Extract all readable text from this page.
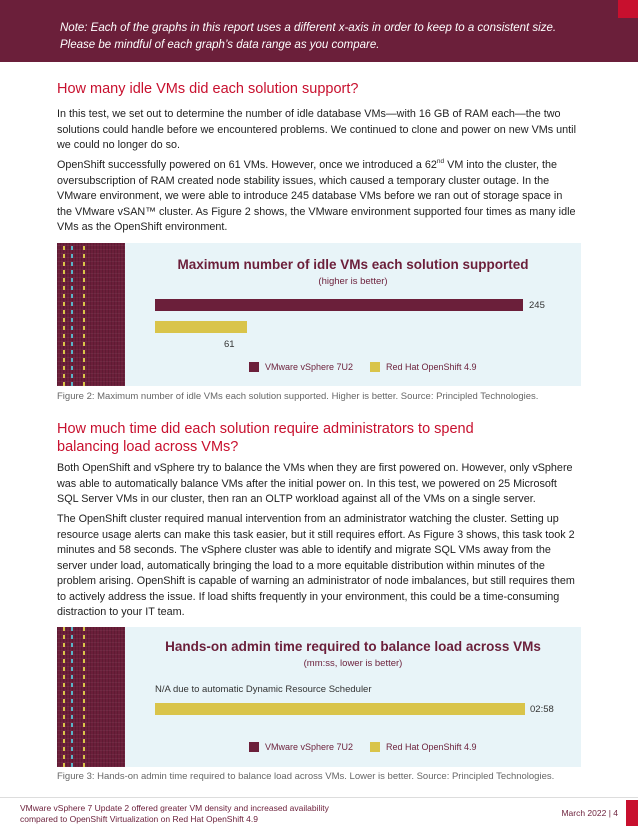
Note: Each of the graphs in this report uses a different x-axis in order to keep to a consistent size. Please be mindful of each graph’s data range as you compare.
How many idle VMs did each solution support?

In this test, we set out to determine the number of idle database VMs—with 16 GB of RAM each—the two solutions could handle before we encountered problems. We continued to clone and power on new VMs until we could no longer do so.

OpenShift successfully powered on 61 VMs. However, once we introduced a 62nd VM into the cluster, the oversubscription of RAM created node stability issues, which caused a temporary cluster outage. In the VMware environment, we were able to introduce 245 database VMs before we ran out of storage space in the VMware vSAN™ cluster. As Figure 2 shows, the VMware environment supported four times as many idle VMs as the OpenShift environment.

Maximum number of idle VMs each solution supported
(higher is better)
245
61
VMware vSphere 7U2	Red Hat OpenShift 4.9
Figure 2: Maximum number of idle VMs each solution supported. Higher is better. Source: Principled Technologies.
How much time did each solution require administrators to spend balancing load across VMs?

Both OpenShift and vSphere try to balance the VMs when they are first powered on. However, only vSphere was able to automatically balance VMs after the initial power on. In this test, we powered on 25 Microsoft SQL Server VMs in our cluster, then ran an OLTP workload against all of the VMs on a single server.

The OpenShift cluster required manual intervention from an administrator watching the cluster. Setting up resource usage alerts can make this task easier, but it still requires effort. As Figure 3 shows, this task took 2 minutes and 58 seconds. The vSphere cluster was able to identify and migrate SQL VMs away from the server under load, automatically bringing the load to a more equitable distribution within minutes of the problem arising. OpenShift is capable of warning an administrator of node imbalances, but still requires them to actively address the issue. If load shifts frequently in your environment, this could be a time-consuming distraction to your IT team.

Hands-on admin time required to balance load across VMs
(mm:ss, lower is better)
N/A due to automatic Dynamic Resource Scheduler
02:58
VMware vSphere 7U2	Red Hat OpenShift 4.9
Figure 3: Hands-on admin time required to balance load across VMs. Lower is better. Source: Principled Technologies.
VMware vSphere 7 Update 2 offered greater VM density and increased availability compared to OpenShift Virtualization on Red Hat OpenShift 4.9
March 2022 | 4
